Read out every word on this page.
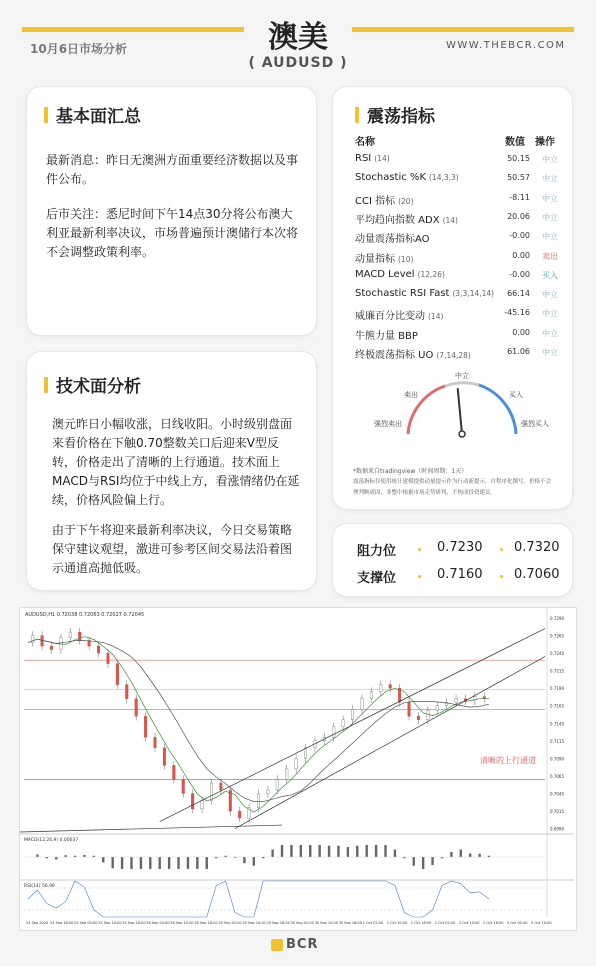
10月6日市场分析	澳美
( AUDUSD )
WWW.THEBCR.COM
基本面汇总
最新消息：昨日无澳洲方面重要经济数据以及事件公布。
后市关注：悉尼时间下午14点30分将公布澳大利亚最新利率决议，市场普遍预计澳储行本次将不会调整政策利率。
技术面分析
澳元昨日小幅收涨，日线收阳。小时级别盘面来看价格在下触0.70整数关口后迎来V型反转，价格走出了清晰的上行通道。技术面上MACD与RSI均位于中线上方，看涨情绪仍在延续，价格风险偏上行。
由于下午将迎来最新利率决议，今日交易策略保守建议观望，激进可参考区间交易法沿着图示通道高抛低吸。
震荡指标
名称	数值 操作
RSI (14)	50.15 中立
Stochastic %K (14,3,3)	50.57 中立
CCI 指标 (20)	-8.11 中立
平均趋向指数 ADX (14)	20.06 中立
动量震荡指标AO	-0.00 中立
动量指标 (10)	0.00 卖出
MACD Level (12,26)	-0.00 买入
Stochastic RSI Fast (3,3,14,14)	66.14 中立
威廉百分比变动 (14)	-45.16 中立
牛熊力量 BBP	0.00 中立
终极震荡指标 UO (7,14,28)	61.06 中立
中立
卖出	买入
强烈卖出	强烈买入
*数据来自tradingview（时间周期：1天）
震荡指标仅使用统计建模提供动量提示作为行动新提示，自程序化撰写。价格不会
理判断成因，非整中根据市场走势研判，不构成投资建议。
阻力位	0.7230 0.7320
支撑位	0.7160 0.7060
0.7290
0.7265
0.7240
0.7215
0.7190
0.7165
0.7140
0.7115
0.7090
0.7065
0.7040
0.7015
0.6990
24 Sep 2020 24 Sep 18:00 25 Sep 02:00 25 Sep 10:00 25 Sep 18:00 28 Sep 02:00 28 Sep 10:00 28 Sep 18:00 29 Sep 02:00 29 Sep 10:00 29 Sep 18:00 30 Sep 02:00 30 Sep 10:00 30 Sep 18:00 1 Oct 02:00 1 Oct 10:00 1 Oct 18:00 2 Oct 02:00 2 Oct 10:00 2 Oct 18:00 5 Oct 02:00 5 Oct 10:00
AUDUSD,H1 0.72038 0.72063 0.72027 0.72045
清晰的上行通道
MACD(12,26,9) 0.00037
RSI(14) 56.96
BCR
